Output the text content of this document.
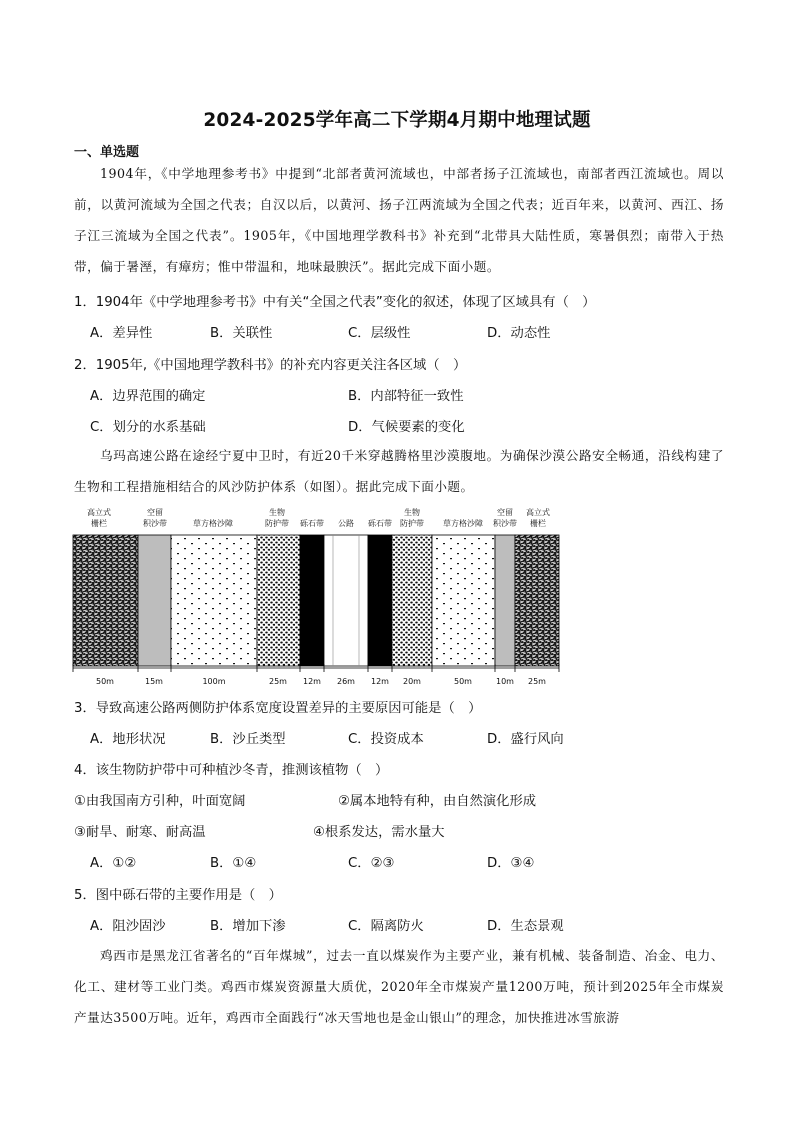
2024-2025学年高二下学期4月期中地理试题
一、单选题
1904年，《中学地理参考书》中提到“北部者黄河流域也，中部者扬子江流域也，南部者西江流域也。周以前，以黄河流域为全国之代表；自汉以后，以黄河、扬子江两流域为全国之代表；近百年来，以黄河、西江、扬子江三流域为全国之代表”。1905年，《中国地理学教科书》补充到“北带具大陆性质，寒暑俱烈；南带入于热带，偏于暑溼，有瘴疠；惟中带温和，地味最腴沃”。据此完成下面小题。
1．1904年《中学地理参考书》中有关“全国之代表”变化的叙述，体现了区域具有（　）
A．差异性	B．关联性	C．层级性	D．动态性
2．1905年,《中国地理学教科书》的补充内容更关注各区域（　）
A．边界范围的确定	B．内部特征一致性
C．划分的水系基础	D．气候要素的变化
乌玛高速公路在途经宁夏中卫时，有近20千米穿越腾格里沙漠腹地。为确保沙漠公路安全畅通，沿线构建了生物和工程措施相结合的风沙防护体系（如图）。据此完成下面小题。
高立式
栅栏
空留
积沙带	草方格沙障
生物
防护带 砾石带 公路 砾石带
生物
防护带 草方格沙障
空留
积沙带
高立式
栅栏
50m	15m	100m	25m 12m 26m 12m 20m	50m	10m 25m
3．导致高速公路两侧防护体系宽度设置差异的主要原因可能是（　）
A．地形状况	B．沙丘类型	C．投资成本	D．盛行风向
4．该生物防护带中可种植沙冬青，推测该植物（　）
①由我国南方引种，叶面宽阔	②属本地特有种，由自然演化形成
③耐旱、耐寒、耐高温	④根系发达，需水量大
A．①②	B．①④	C．②③	D．③④
5．图中砾石带的主要作用是（　）
A．阻沙固沙	B．增加下渗	C．隔离防火	D．生态景观
鸡西市是黑龙江省著名的“百年煤城”，过去一直以煤炭作为主要产业，兼有机械、装备制造、冶金、电力、化工、建材等工业门类。鸡西市煤炭资源量大质优，2020年全市煤炭产量1200万吨，预计到2025年全市煤炭产量达3500万吨。近年，鸡西市全面践行“冰天雪地也是金山银山”的理念，加快推进冰雪旅游
